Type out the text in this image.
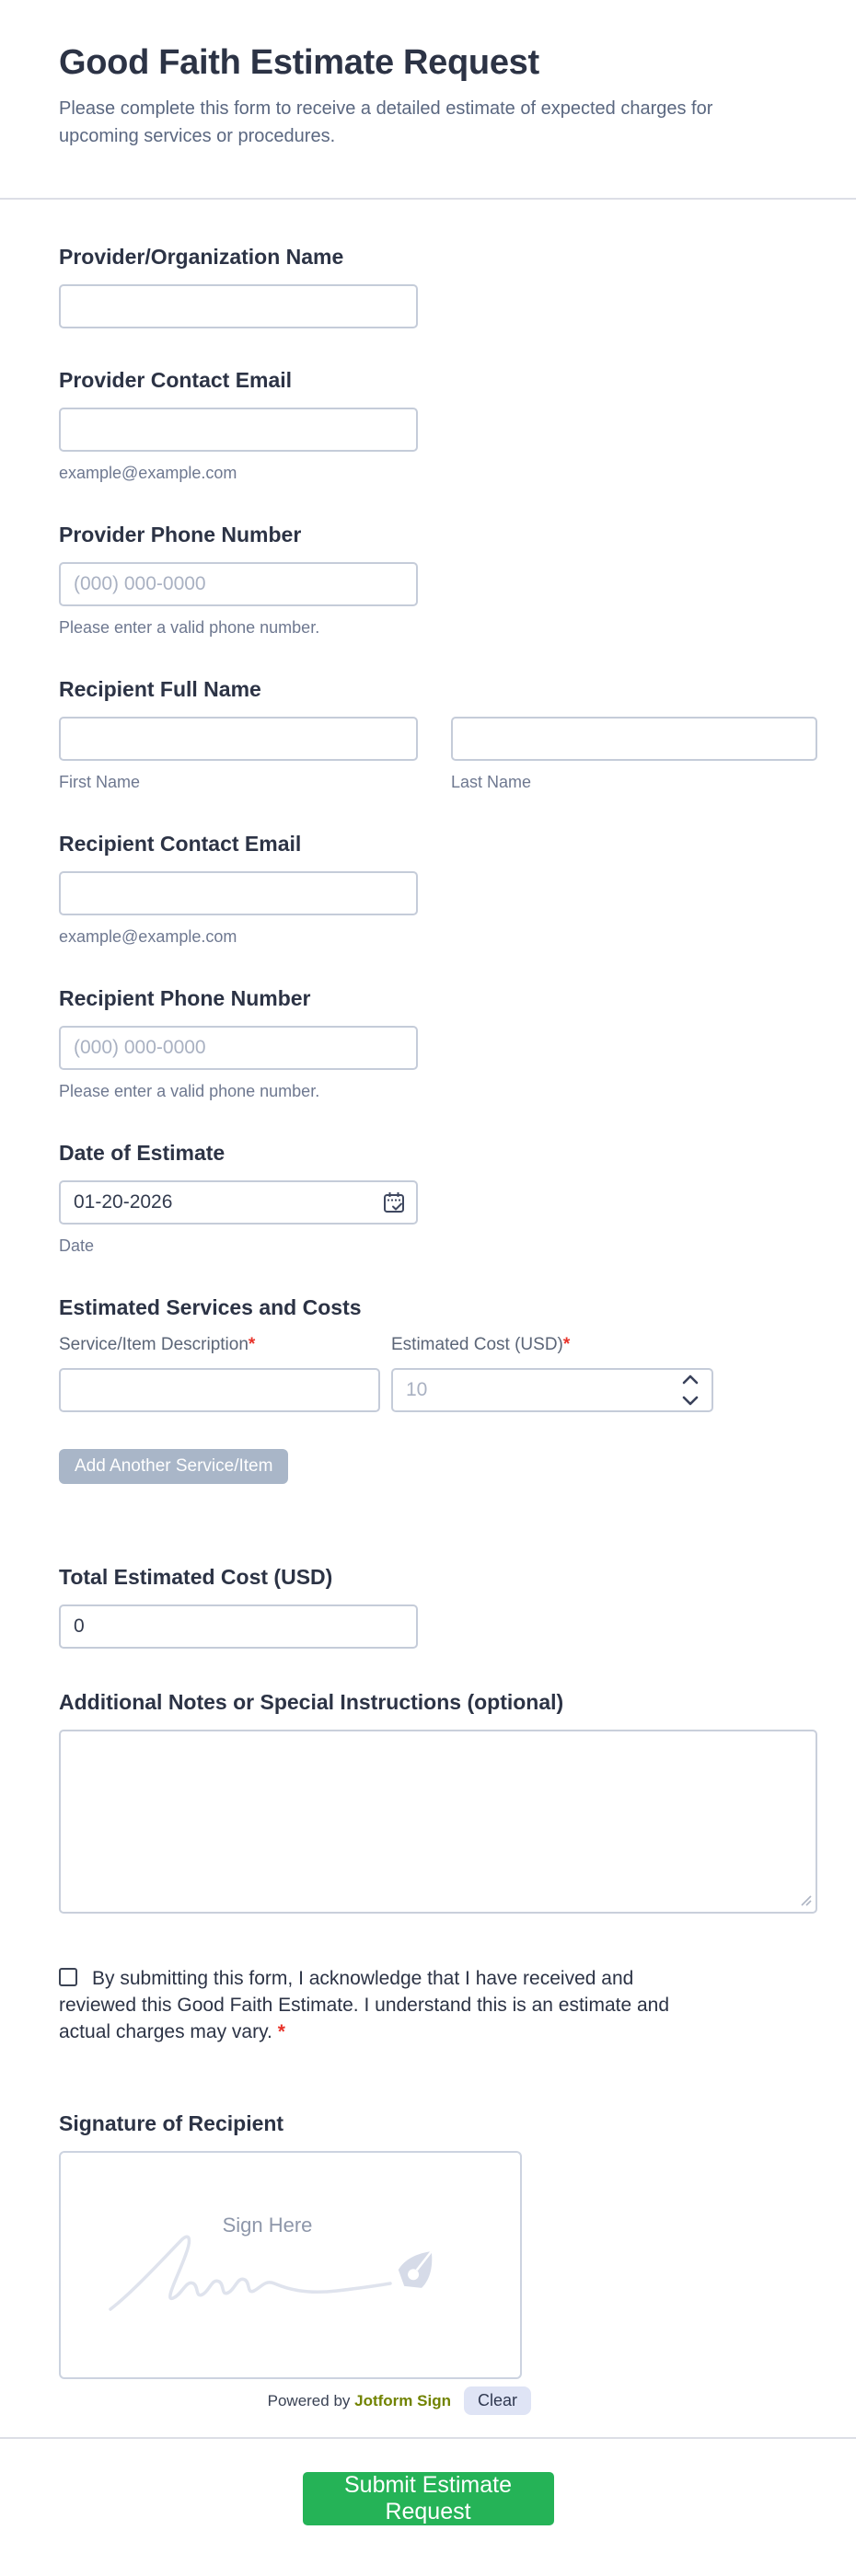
Good Faith Estimate Request

Please complete this form to receive a detailed estimate of expected charges for upcoming services or procedures.

Provider/Organization Name
Provider Contact Email
example@example.com
Provider Phone Number
(000) 000-0000
Please enter a valid phone number.
Recipient Full Name
First Name	Last Name
Recipient Contact Email
example@example.com
Recipient Phone Number
(000) 000-0000
Please enter a valid phone number.
Date of Estimate
01-20-2026
Date
Estimated Services and Costs
Service/Item Description*	Estimated Cost (USD)*
10
Add Another Service/Item
Total Estimated Cost (USD)
0
Additional Notes or Special Instructions (optional)
By submitting this form, I acknowledge that I have received and reviewed this Good Faith Estimate. I understand this is an estimate and actual charges may vary. *
Signature of Recipient
Sign Here
Powered by Jotform Sign	Clear
Submit Estimate Request
